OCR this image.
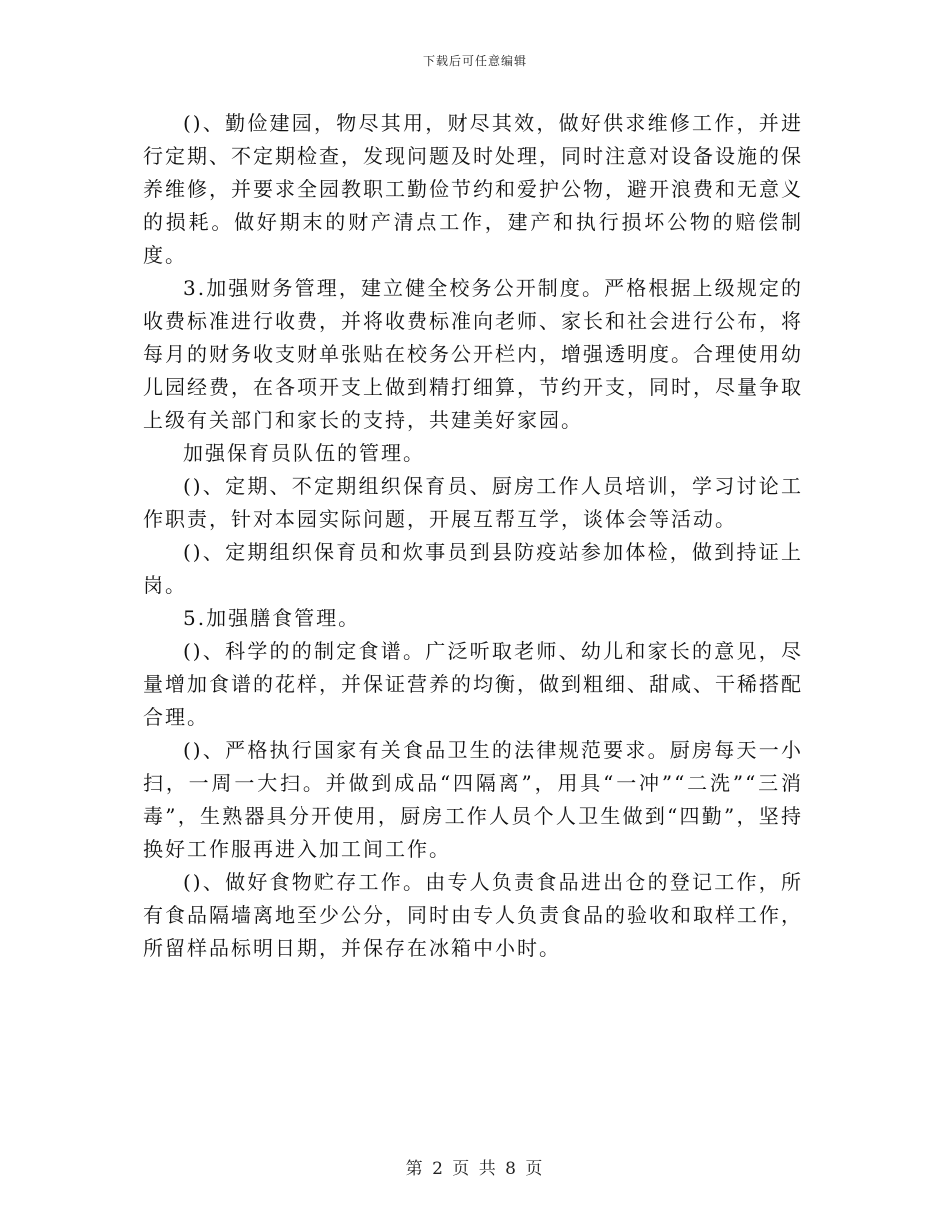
下载后可任意编辑

()、勤俭建园，物尽其用，财尽其效，做好供求维修工作，并进行定期、不定期检查，发现问题及时处理，同时注意对设备设施的保养维修，并要求全园教职工勤俭节约和爱护公物，避开浪费和无意义的损耗。做好期末的财产清点工作，建产和执行损坏公物的赔偿制度。

3.加强财务管理，建立健全校务公开制度。严格根据上级规定的收费标准进行收费，并将收费标准向老师、家长和社会进行公布，将每月的财务收支财单张贴在校务公开栏内，增强透明度。合理使用幼儿园经费，在各项开支上做到精打细算，节约开支，同时，尽量争取上级有关部门和家长的支持，共建美好家园。

加强保育员队伍的管理。

()、定期、不定期组织保育员、厨房工作人员培训，学习讨论工作职责，针对本园实际问题，开展互帮互学，谈体会等活动。

()、定期组织保育员和炊事员到县防疫站参加体检，做到持证上岗。

5.加强膳食管理。

()、科学的的制定食谱。广泛听取老师、幼儿和家长的意见，尽量增加食谱的花样，并保证营养的均衡，做到粗细、甜咸、干稀搭配合理。

()、严格执行国家有关食品卫生的法律规范要求。厨房每天一小扫，一周一大扫。并做到成品“四隔离”，用具“一冲”“二洗”“三消毒”，生熟器具分开使用，厨房工作人员个人卫生做到“四勤”，坚持换好工作服再进入加工间工作。

()、做好食物贮存工作。由专人负责食品进出仓的登记工作，所有食品隔墙离地至少公分，同时由专人负责食品的验收和取样工作，所留样品标明日期，并保存在冰箱中小时。

第 2 页 共 8 页
